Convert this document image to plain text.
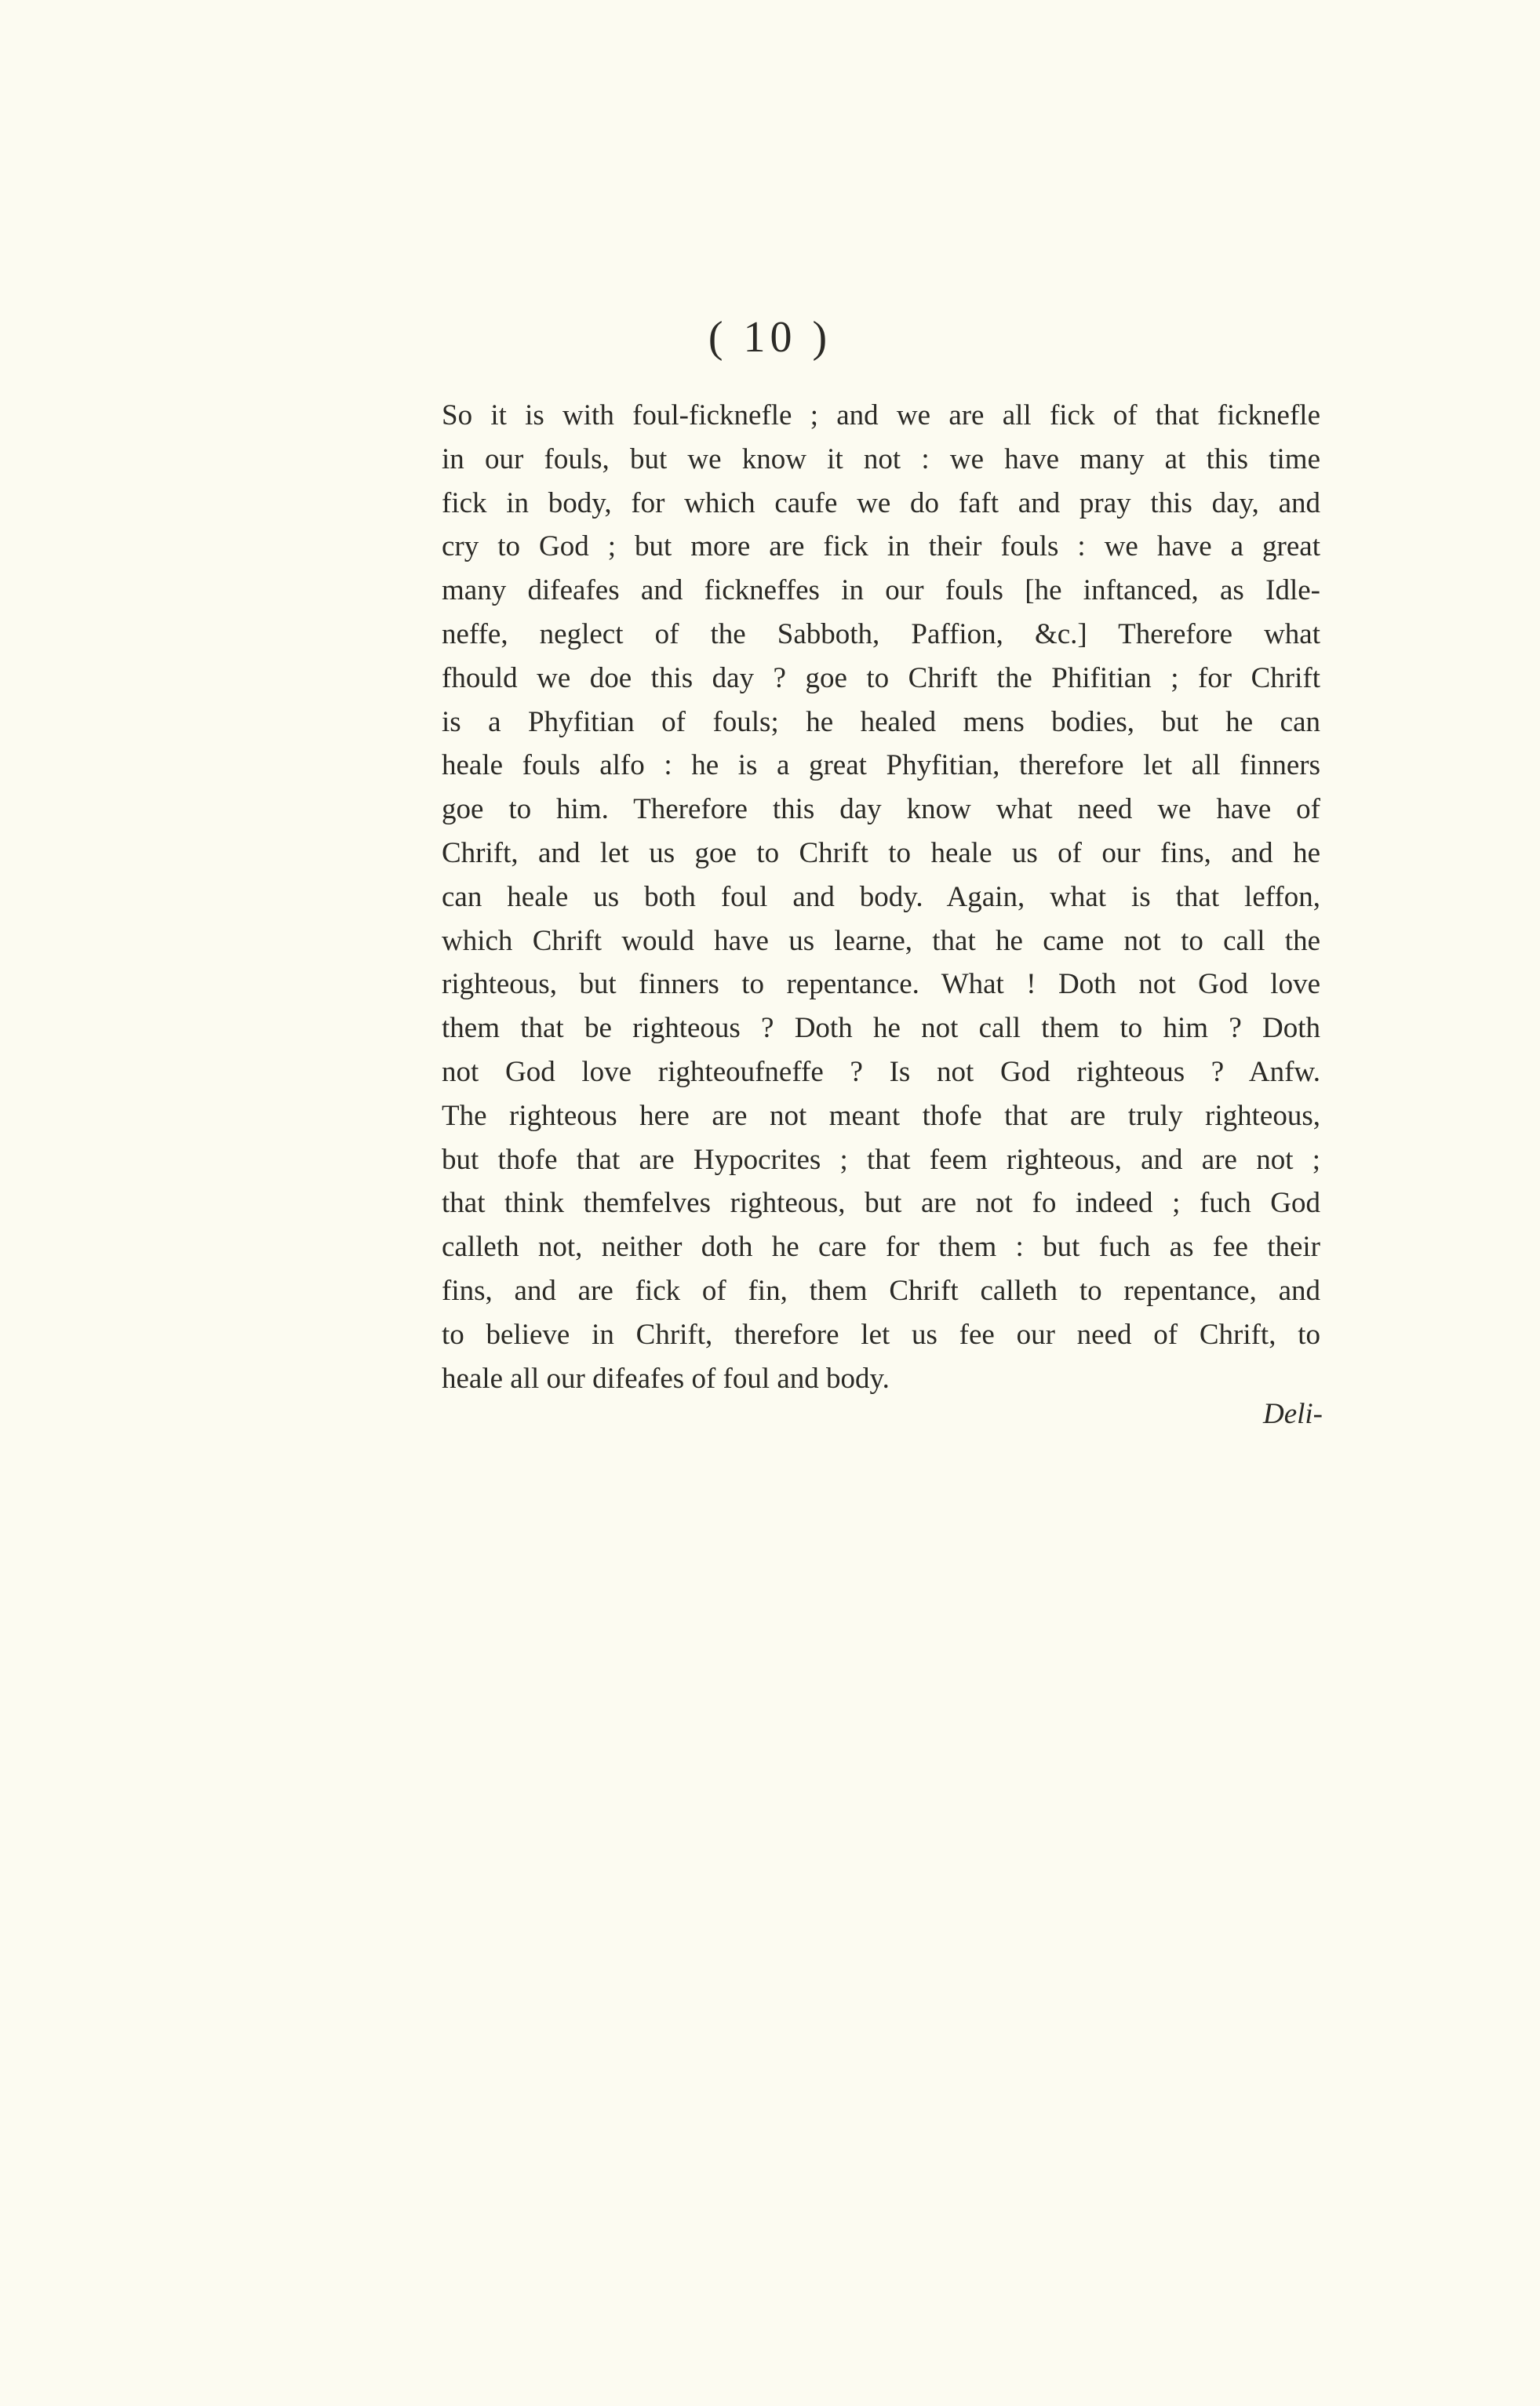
( 10 )
So it is with foul-ficknefle ; and we are all fick of that ficknefle
in our fouls, but we know it not : we have many at this time
fick in body, for which caufe we do faft and pray this day, and
cry to God ; but more are fick in their fouls : we have a great
many difeafes and fickneffes in our fouls [he inftanced, as Idle-
neffe, neglect of the Sabboth, Paffion, &c.] Therefore what
fhould we doe this day ? goe to Chrift the Phifitian ; for Chrift
is a Phyfitian of fouls; he healed mens bodies, but he can
heale fouls alfo : he is a great Phyfitian, therefore let all finners
goe to him. Therefore this day know what need we have of
Chrift, and let us goe to Chrift to heale us of our fins, and he
can heale us both foul and body. Again, what is that leffon,
which Chrift would have us learne, that he came not to call the
righteous, but finners to repentance. What ! Doth not God love
them that be righteous ? Doth he not call them to him ? Doth
not God love righteoufneffe ? Is not God righteous ? Anfw.
The righteous here are not meant thofe that are truly righteous,
but thofe that are Hypocrites ; that feem righteous, and are not ;
that think themfelves righteous, but are not fo indeed ; fuch God
calleth not, neither doth he care for them : but fuch as fee their
fins, and are fick of fin, them Chrift calleth to repentance, and
to believe in Chrift, therefore let us fee our need of Chrift, to
heale all our difeafes of foul and body.
Deli-
